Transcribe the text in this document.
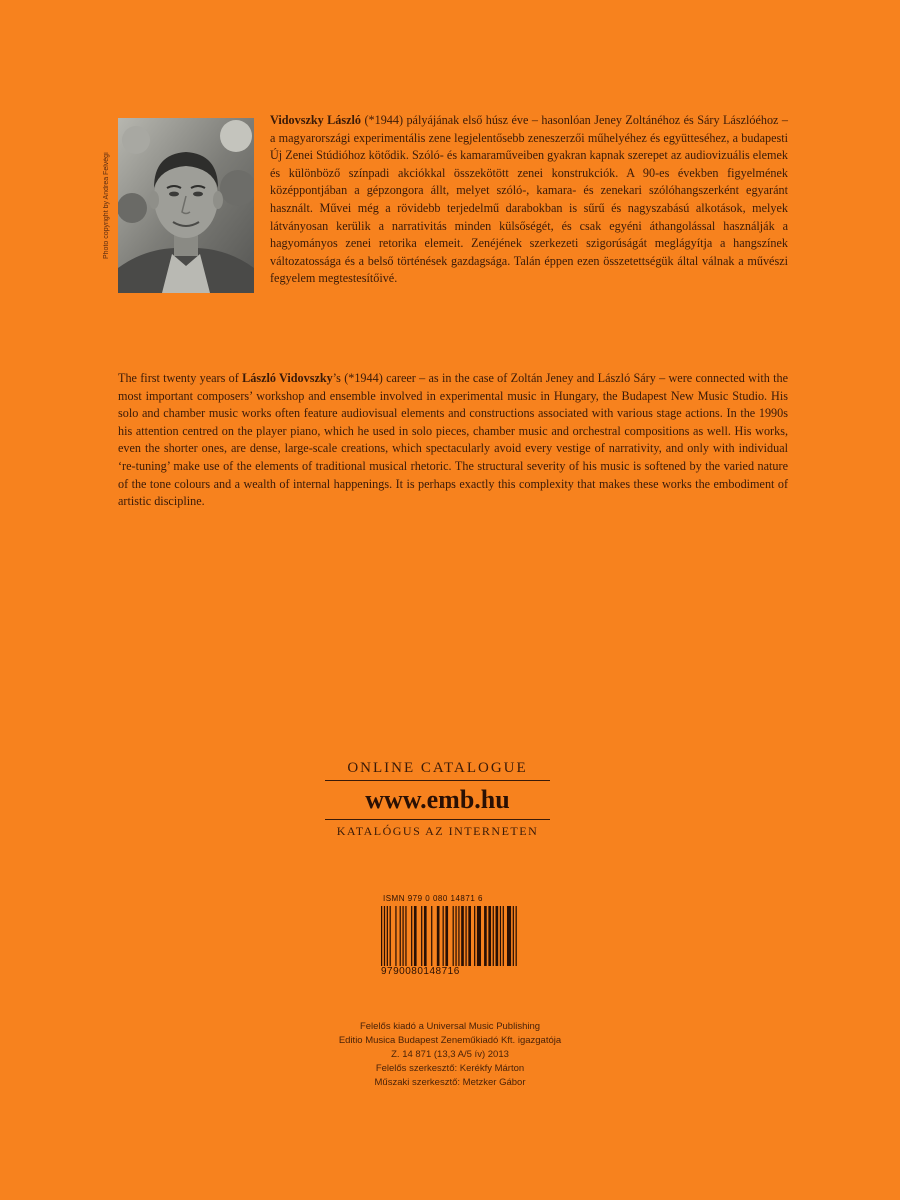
Photo copyright by Andrea Felvégi

Vidovszky László (*1944) pályájának első húsz éve – hasonlóan Jeney Zoltánéhoz és Sáry Lászlóéhoz – a magyarországi experimentális zene legjelentősebb zeneszerzői műhelyéhez és együtteséhez, a budapesti Új Zenei Stúdióhoz kötődik. Szóló- és kamaraműveiben gyakran kapnak szerepet az audiovizuális elemek és különböző színpadi akciókkal összekötött zenei konstrukciók. A 90-es években figyelmének középpontjában a gépzongora állt, melyet szóló-, kamara- és zenekari szólóhangszerként egyaránt használt. Művei még a rövidebb terjedelmű darabokban is sűrű és nagyszabású alkotások, melyek látványosan kerülik a narrativitás minden külsőségét, és csak egyéni áthangolással használják a hagyományos zenei retorika elemeit. Zenéjének szerkezeti szigorúságát meglágyítja a hangszínek változatossága és a belső történések gazdagsága. Talán éppen ezen összetettségük által válnak a művészi fegyelem megtestesítőivé.

The first twenty years of László Vidovszky’s (*1944) career – as in the case of Zoltán Jeney and László Sáry – were connected with the most important composers’ workshop and ensemble involved in experimental music in Hungary, the Budapest New Music Studio. His solo and chamber music works often feature audiovisual elements and constructions associated with various stage actions. In the 1990s his attention centred on the player piano, which he used in solo pieces, chamber music and orchestral compositions as well. His works, even the shorter ones, are dense, large-scale creations, which spectacularly avoid every vestige of narrativity, and only with individual ‘re-tuning’ make use of the elements of traditional musical rhetoric. The structural severity of his music is softened by the varied nature of the tone colours and a wealth of internal happenings. It is perhaps exactly this complexity that makes these works the embodiment of artistic discipline.

ONLINE CATALOGUE
www.emb.hu
KATALÓGUS AZ INTERNETEN
ISMN 979 0 080 14871 6
9790080148716
Felelős kiadó a Universal Music Publishing
Editio Musica Budapest Zeneműkiadó Kft. igazgatója
Z. 14 871 (13,3 A/5 ív) 2013
Felelős szerkesztő: Kerékfy Márton
Műszaki szerkesztő: Metzker Gábor
